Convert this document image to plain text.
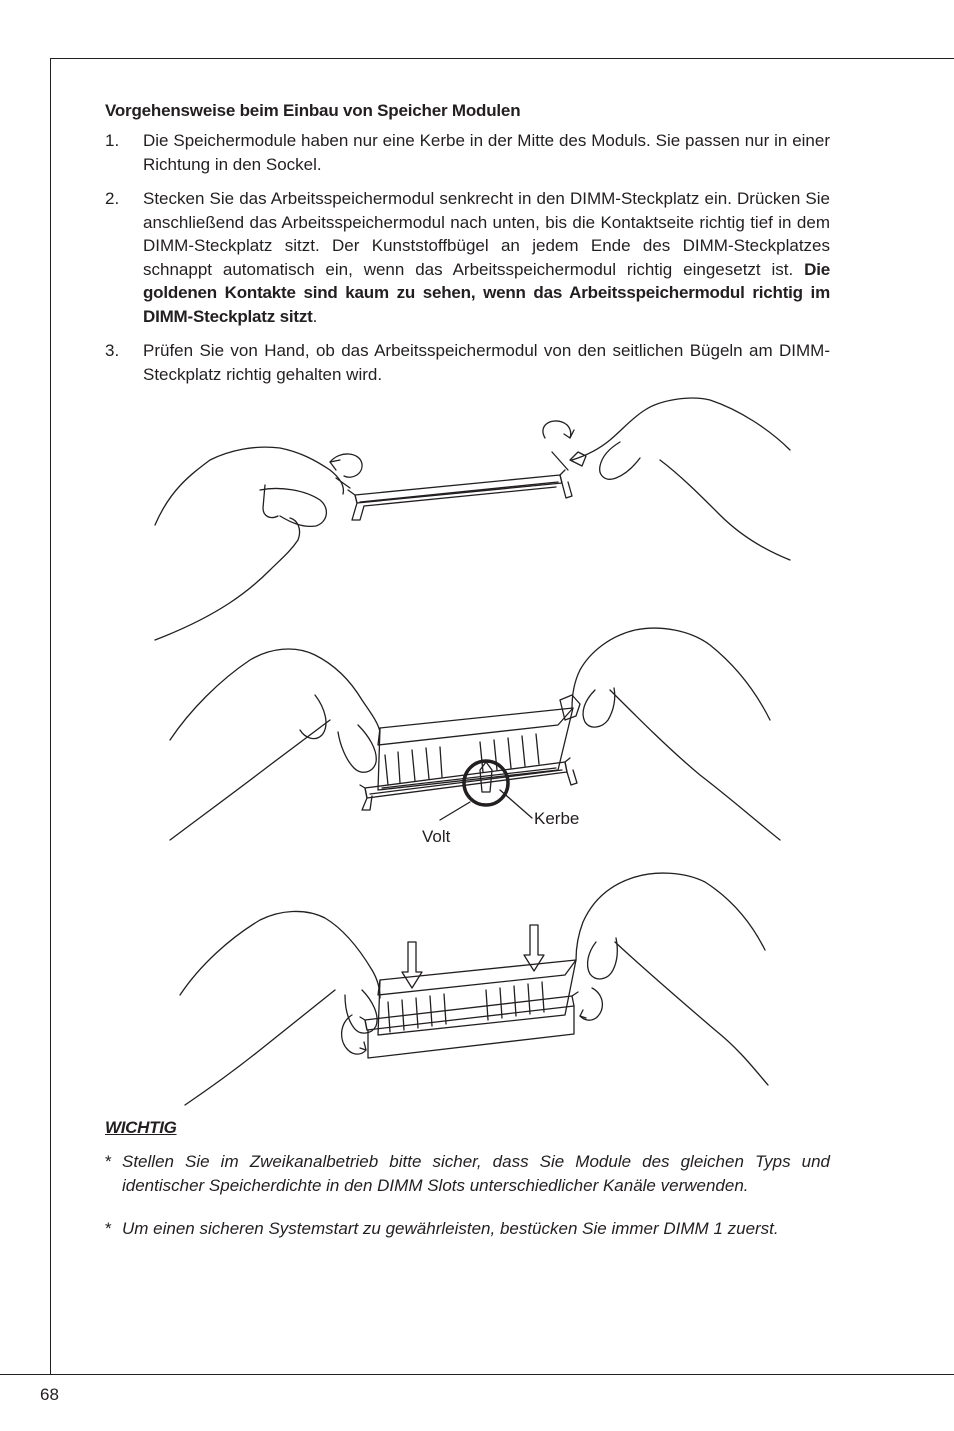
Vorgehensweise beim Einbau von Speicher Modulen
1. Die Speichermodule haben nur eine Kerbe in der Mitte des Moduls. Sie passen nur in einer Richtung in den Sockel.
2. Stecken Sie das Arbeitsspeichermodul senkrecht in den DIMM-Steckplatz ein. Drücken Sie anschließend das Arbeitsspeichermodul nach unten, bis die Kontaktseite richtig tief in dem DIMM-Steckplatz sitzt. Der Kunststoffbügel an jedem Ende des DIMM-Steckplatzes schnappt automatisch ein, wenn das Arbeitsspeichermodul richtig eingesetzt ist. Die goldenen Kontakte sind kaum zu sehen, wenn das Arbeitsspeichermodul richtig im DIMM-Steckplatz sitzt.
3. Prüfen Sie von Hand, ob das Arbeitsspeichermodul von den seitlichen Bügeln am DIMM-Steckplatz richtig gehalten wird.
Volt
Kerbe
WICHTIG
* Stellen Sie im Zweikanalbetrieb bitte sicher, dass Sie Module des gleichen Typs und identischer Speicherdichte in den DIMM Slots unterschiedlicher Kanäle verwenden.
* Um einen sicheren Systemstart zu gewährleisten, bestücken Sie immer DIMM 1 zuerst.
68
